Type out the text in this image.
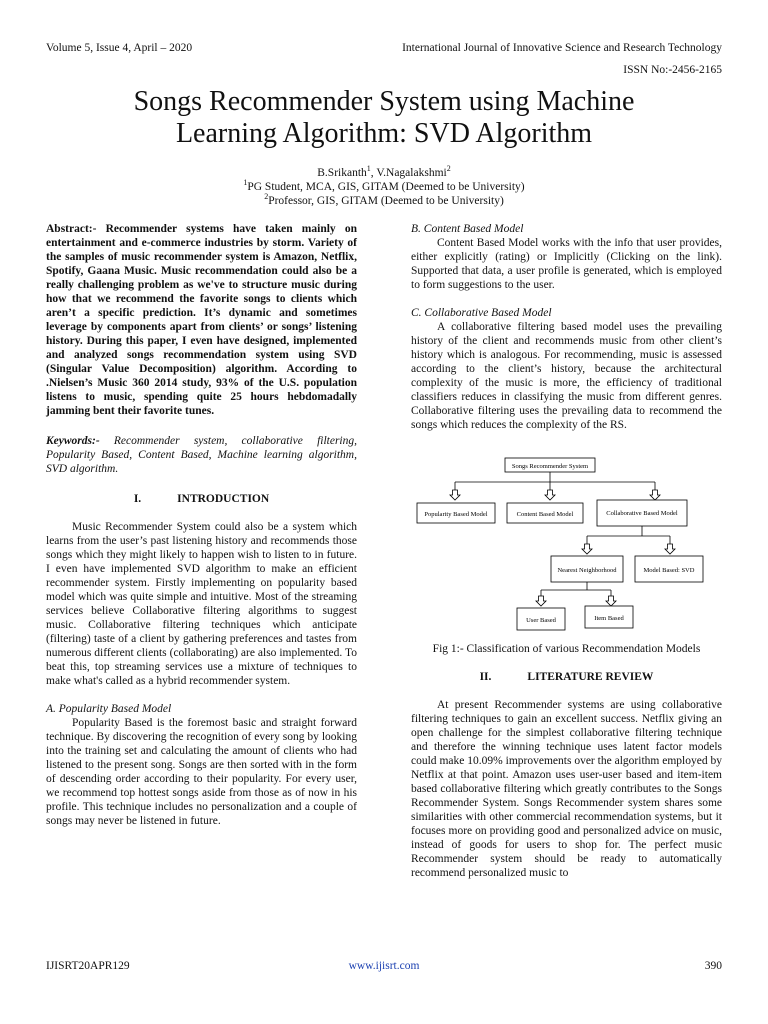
Volume 5, Issue 4, April – 2020	International Journal of Innovative Science and Research Technology
ISSN No:-2456-2165
Songs Recommender System using Machine
Learning Algorithm: SVD Algorithm
B.Srikanth$^1$, V.Nagalakshmi$^2$
$^1$PG Student, MCA, GIS, GITAM (Deemed to be University)
$^2$Professor, GIS, GITAM (Deemed to be University)

Abstract:- Recommender systems have taken mainly on entertainment and e-commerce industries by storm. Variety of the samples of music recommender system is Amazon, Netflix, Spotify, Gaana Music. Music recommendation could also be a really challenging problem as we've to structure music during how that we recommend the favorite songs to clients which aren’t a specific prediction. It’s dynamic and sometimes leverage by components apart from clients’ or songs’ listening history. During this paper, I even have designed, implemented and analyzed songs recommendation system using SVD (Singular Value Decomposition) algorithm. According to .Nielsen’s Music 360 2014 study, 93% of the U.S. population listens to music, spending quite 25 hours hebdomadally jamming bent their favorite tunes.

Keywords:- Recommender system, collaborative filtering, Popularity Based, Content Based, Machine learning algorithm, SVD algorithm.

I.	INTRODUCTION

Music Recommender System could also be a system which learns from the user’s past listening history and recommends those songs which they might likely to happen wish to listen to in future. I even have implemented SVD algorithm to make an efficient recommender system. Firstly implementing on popularity based model which was quite simple and intuitive. Most of the streaming services believe Collaborative filtering algorithms to suggest music. Collaborative filtering techniques which anticipate (filtering) taste of a client by gathering preferences and tastes from numerous different clients (collaborating) are also implemented. To beat this, top streaming services use a mixture of techniques to make what's called as a hybrid recommender system.

A. Popularity Based Model

Popularity Based is the foremost basic and straight forward technique. By discovering the recognition of every song by looking into the training set and calculating the amount of clients who had listened to the present song. Songs are then sorted with in the form of descending order according to their popularity. For every user, we recommend top hottest songs aside from those as of now in his profile. This technique includes no personalization and a couple of songs may never be listened in future.

B. Content Based Model

Content Based Model works with the info that user provides, either explicitly (rating) or Implicitly (Clicking on the link). Supported that data, a user profile is generated, which is employed to form suggestions to the user.

C. Collaborative Based Model

A collaborative filtering based model uses the prevailing history of the client and recommends music from other client’s history which is analogous. For recommending, music is assessed according to the client’s history, because the architectural complexity of the music is more, the efficiency of traditional classifiers reduces in classifying the music from different genres. Collaborative filtering uses the prevailing data to recommend the songs which reduces the complexity of the RS.

Songs Recommender System
Popularity Based Model	Content Based Model	Collaborative Based Model
Nearest Neighborhood	Model Based: SVD
User Based	Item Based

Fig 1:- Classification of various Recommendation Models

II.	LITERATURE REVIEW

At present Recommender systems are using collaborative filtering techniques to gain an excellent success. Netflix giving an open challenge for the simplest collaborative filtering technique and therefore the winning technique uses latent factor models could make 10.09% improvements over the algorithm employed by Netflix at that point. Amazon uses user-user based and item-item based collaborative filtering which greatly contributes to the Songs Recommender System. Songs Recommender system shares some similarities with other commercial recommendation systems, but it focuses more on providing good and personalized advice on music, instead of goods for users to shop for. The perfect music Recommender system should be ready to automatically recommend personalized music to

IJISRT20APR129	www.ijisrt.com	390
